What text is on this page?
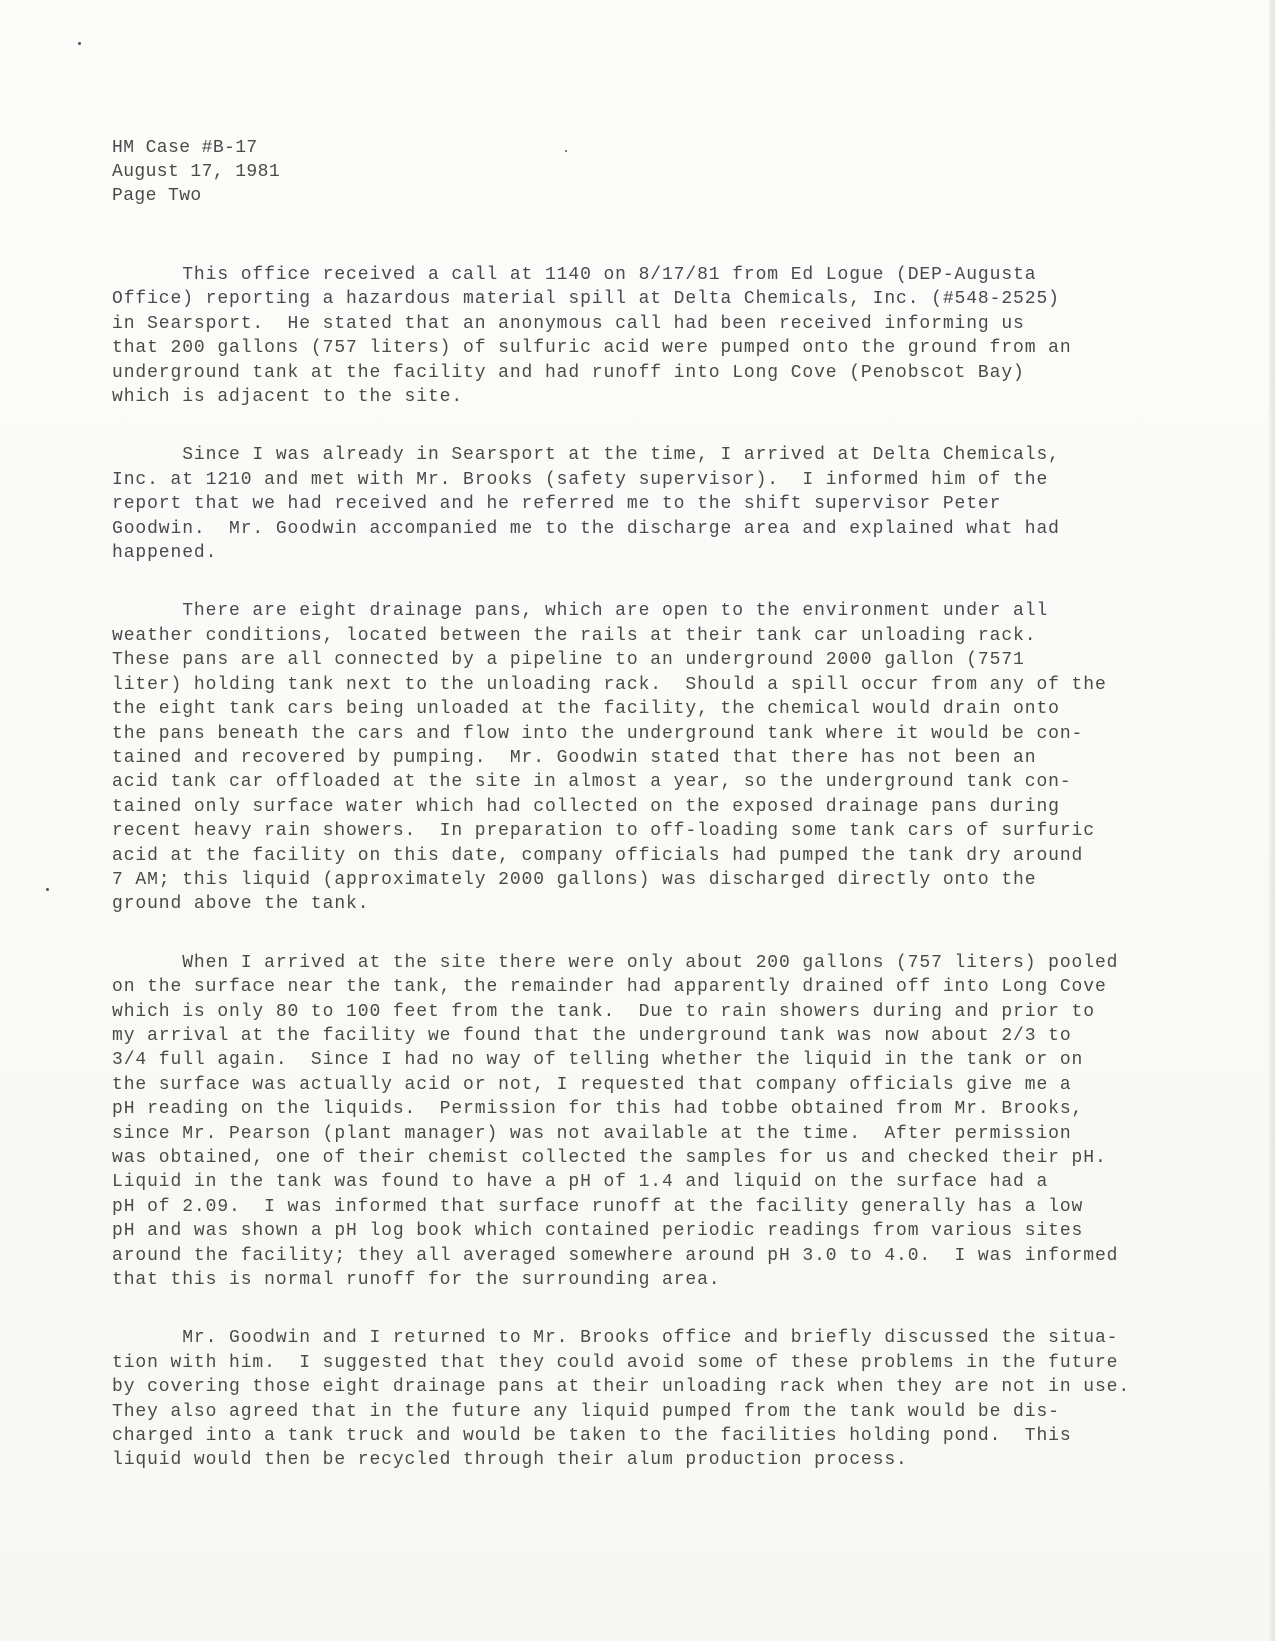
HM Case #B-17
August 17, 1981
Page Two
This office received a call at 1140 on 8/17/81 from Ed Logue (DEP-Augusta
Office) reporting a hazardous material spill at Delta Chemicals, Inc. (#548-2525)
in Searsport.  He stated that an anonymous call had been received informing us
that 200 gallons (757 liters) of sulfuric acid were pumped onto the ground from an
underground tank at the facility and had runoff into Long Cove (Penobscot Bay)
which is adjacent to the site.
Since I was already in Searsport at the time, I arrived at Delta Chemicals,
Inc. at 1210 and met with Mr. Brooks (safety supervisor).  I informed him of the
report that we had received and he referred me to the shift supervisor Peter
Goodwin.  Mr. Goodwin accompanied me to the discharge area and explained what had
happened.
There are eight drainage pans, which are open to the environment under all
weather conditions, located between the rails at their tank car unloading rack.
These pans are all connected by a pipeline to an underground 2000 gallon (7571
liter) holding tank next to the unloading rack.  Should a spill occur from any of the
the eight tank cars being unloaded at the facility, the chemical would drain onto
the pans beneath the cars and flow into the underground tank where it would be con-
tained and recovered by pumping.  Mr. Goodwin stated that there has not been an
acid tank car offloaded at the site in almost a year, so the underground tank con-
tained only surface water which had collected on the exposed drainage pans during
recent heavy rain showers.  In preparation to off-loading some tank cars of surfuric
acid at the facility on this date, company officials had pumped the tank dry around
7 AM; this liquid (approximately 2000 gallons) was discharged directly onto the
ground above the tank.
When I arrived at the site there were only about 200 gallons (757 liters) pooled
on the surface near the tank, the remainder had apparently drained off into Long Cove
which is only 80 to 100 feet from the tank.  Due to rain showers during and prior to
my arrival at the facility we found that the underground tank was now about 2/3 to
3/4 full again.  Since I had no way of telling whether the liquid in the tank or on
the surface was actually acid or not, I requested that company officials give me a
pH reading on the liquids.  Permission for this had tobbe obtained from Mr. Brooks,
since Mr. Pearson (plant manager) was not available at the time.  After permission
was obtained, one of their chemist collected the samples for us and checked their pH.
Liquid in the tank was found to have a pH of 1.4 and liquid on the surface had a
pH of 2.09.  I was informed that surface runoff at the facility generally has a low
pH and was shown a pH log book which contained periodic readings from various sites
around the facility; they all averaged somewhere around pH 3.0 to 4.0.  I was informed
that this is normal runoff for the surrounding area.
Mr. Goodwin and I returned to Mr. Brooks office and briefly discussed the situa-
tion with him.  I suggested that they could avoid some of these problems in the future
by covering those eight drainage pans at their unloading rack when they are not in use.
They also agreed that in the future any liquid pumped from the tank would be dis-
charged into a tank truck and would be taken to the facilities holding pond.  This
liquid would then be recycled through their alum production process.
